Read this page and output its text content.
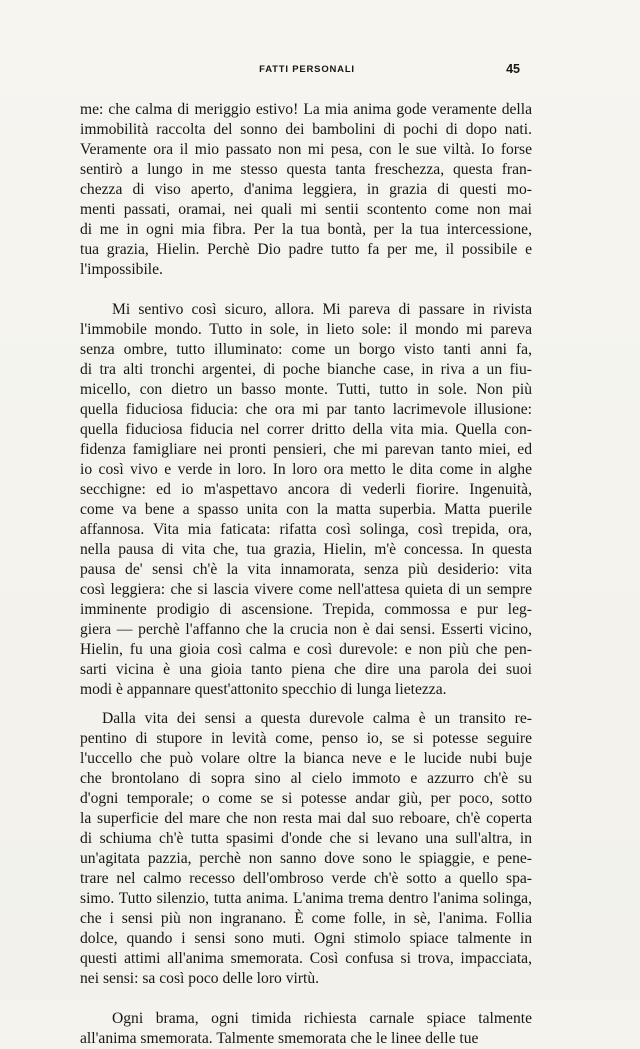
FATTI PERSONALI	45
me: che calma di meriggio estivo! La mia anima gode veramente della
immobilità raccolta del sonno dei bambolini di pochi di dopo nati.
Veramente ora il mio passato non mi pesa, con le sue viltà. Io forse
sentirò a lungo in me stesso questa tanta freschezza, questa fran-
chezza di viso aperto, d'anima leggiera, in grazia di questi mo-
menti passati, oramai, nei quali mi sentii scontento come non mai
di me in ogni mia fibra. Per la tua bontà, per la tua intercessione,
tua grazia, Hielin. Perchè Dio padre tutto fa per me, il possibile e
l'impossibile.
Mi sentivo così sicuro, allora. Mi pareva di passare in rivista
l'immobile mondo. Tutto in sole, in lieto sole: il mondo mi pareva
senza ombre, tutto illuminato: come un borgo visto tanti anni fa,
di tra alti tronchi argentei, di poche bianche case, in riva a un fiu-
micello, con dietro un basso monte. Tutti, tutto in sole. Non più
quella fiduciosa fiducia: che ora mi par tanto lacrimevole illusione:
quella fiduciosa fiducia nel correr dritto della vita mia. Quella con-
fidenza famigliare nei pronti pensieri, che mi parevan tanto miei, ed
io così vivo e verde in loro. In loro ora metto le dita come in alghe
secchigne: ed io m'aspettavo ancora di vederli fiorire. Ingenuità,
come va bene a spasso unita con la matta superbia. Matta puerile
affannosa. Vita mia faticata: rifatta così solinga, così trepida, ora,
nella pausa di vita che, tua grazia, Hielin, m'è concessa. In questa
pausa de' sensi ch'è la vita innamorata, senza più desiderio: vita
così leggiera: che si lascia vivere come nell'attesa quieta di un sempre
imminente prodigio di ascensione. Trepida, commossa e pur leg-
giera — perchè l'affanno che la crucia non è dai sensi. Esserti vicino,
Hielin, fu una gioia così calma e così durevole: e non più che pen-
sarti vicina è una gioia tanto piena che dire una parola dei suoi
modi è appannare quest'attonito specchio di lunga lietezza.
Dalla vita dei sensi a questa durevole calma è un transito re-
pentino di stupore in levità come, penso io, se si potesse seguire
l'uccello che può volare oltre la bianca neve e le lucide nubi buje
che brontolano di sopra sino al cielo immoto e azzurro ch'è su
d'ogni temporale; o come se si potesse andar giù, per poco, sotto
la superficie del mare che non resta mai dal suo reboare, ch'è coperta
di schiuma ch'è tutta spasimi d'onde che si levano una sull'altra, in
un'agitata pazzia, perchè non sanno dove sono le spiaggie, e pene-
trare nel calmo recesso dell'ombroso verde ch'è sotto a quello spa-
simo. Tutto silenzio, tutta anima. L'anima trema dentro l'anima solinga,
che i sensi più non ingranano. È come folle, in sè, l'anima. Follia
dolce, quando i sensi sono muti. Ogni stimolo spiace talmente in
questi attimi all'anima smemorata. Così confusa si trova, impacciata,
nei sensi: sa così poco delle loro virtù.
Ogni brama, ogni timida richiesta carnale spiace talmente
all'anima smemorata. Talmente smemorata che le linee delle tue
